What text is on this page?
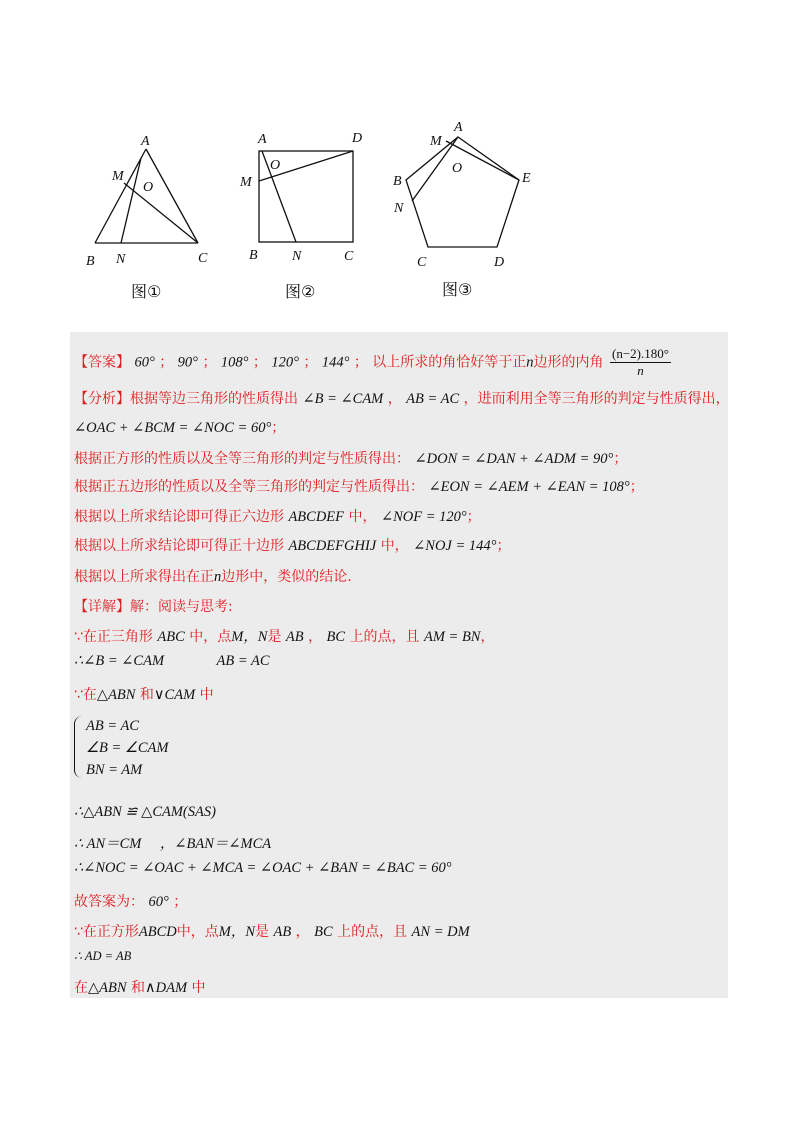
A
M
O
B N	C
A	D
O
M
B N	C
M
A
O
B	E
N
C	D
图①	图②	图③
【答案】 60° ； 90° ； 108° ； 120° ； 144° ； 以上所求的角恰好等于正n边形的内角 $\frac{(n-2).180^\circ}{n}$
【分析】根据等边三角形的性质得出 ∠B = ∠CAM ， AB = AC ，进而利用全等三角形的判定与性质得出，
∠OAC + ∠BCM = ∠NOC = 60°；
根据正方形的性质以及全等三角形的判定与性质得出： ∠DON = ∠DAN + ∠ADM = 90°；
根据正五边形的性质以及全等三角形的判定与性质得出： ∠EON = ∠AEM + ∠EAN = 108°；
根据以上所求结论即可得正六边形 ABCDEF 中， ∠NOF = 120°；
根据以上所求结论即可得正十边形 ABCDEFGHIJ 中， ∠NOJ = 144°；
根据以上所求得出在正n边形中，类似的结论.
【详解】解：阅读与思考:
∵在正三角形 ABC 中，点M，N是 AB ， BC 上的点，且 AM = BN，
∴∠B = ∠CAM	AB = AC
∵在△ABN 和∨CAM 中
AB = AC
∠B = ∠CAM
BN = AM
∴△ABN ≌ △CAM(SAS)
∴ AN＝CM ，∠BAN＝∠MCA
∴∠NOC = ∠OAC + ∠MCA = ∠OAC + ∠BAN = ∠BAC = 60°
故答案为： 60° ；
∵在正方形ABCD中，点M，N是 AB ， BC 上的点，且 AN = DM
∴ AD = AB
在△ABN 和∧DAM 中
